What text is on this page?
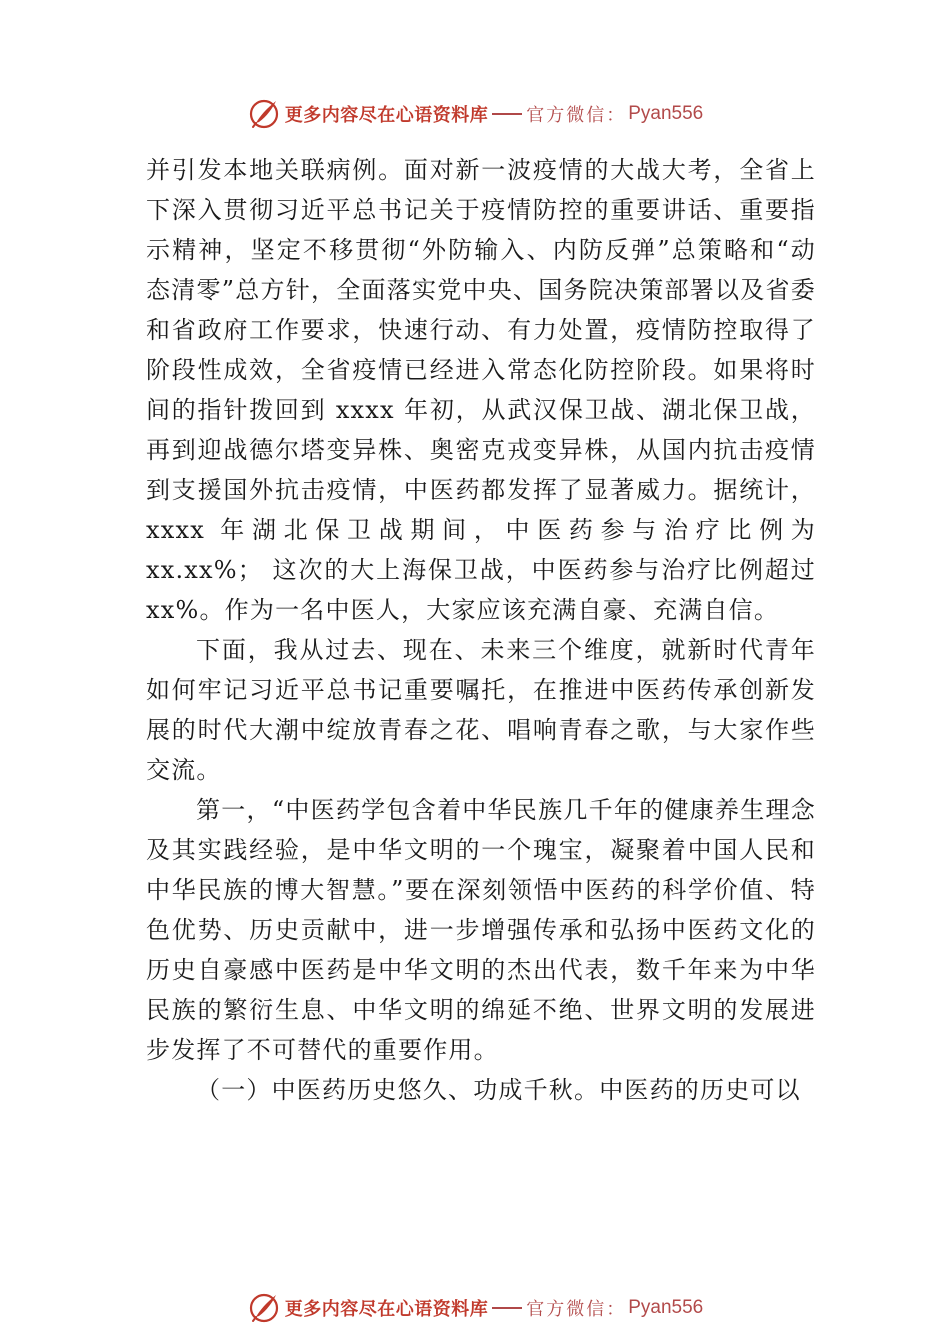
更多内容尽在心语资料库 官方微信： Pyan556

并引发本地关联病例。面对新一波疫情的大战大考，全省上下深入贯彻习近平总书记关于疫情防控的重要讲话、重要指示精神，坚定不移贯彻“外防输入、内防反弹”总策略和“动态清零”总方针，全面落实党中央、国务院决策部署以及省委和省政府工作要求，快速行动、有力处置，疫情防控取得了阶段性成效，全省疫情已经进入常态化防控阶段。如果将时间的指针拨回到 xxxx 年初，从武汉保卫战、湖北保卫战， 再到迎战德尔塔变异株、奥密克戎变异株，从国内抗击疫情到支援国外抗击疫情，中医药都发挥了显著威力。据统计， xxxx 年湖北保卫战期间，中医药参与治疗比例为 xx.xx%； 这次的大上海保卫战，中医药参与治疗比例超过 xx%。作为一名中医人，大家应该充满自豪、充满自信。

下面，我从过去、现在、未来三个维度，就新时代青年如何牢记习近平总书记重要嘱托，在推进中医药传承创新发展的时代大潮中绽放青春之花、唱响青春之歌，与大家作些交流。

第一，“中医药学包含着中华民族几千年的健康养生理念及其实践经验，是中华文明的一个瑰宝，凝聚着中国人民和中华民族的博大智慧。”要在深刻领悟中医药的科学价值、特色优势、历史贡献中，进一步增强传承和弘扬中医药文化的历史自豪感中医药是中华文明的杰出代表，数千年来为中华民族的繁衍生息、中华文明的绵延不绝、世界文明的发展进步发挥了不可替代的重要作用。

（一）中医药历史悠久、功成千秋。中医药的历史可以

更多内容尽在心语资料库 官方微信： Pyan556
